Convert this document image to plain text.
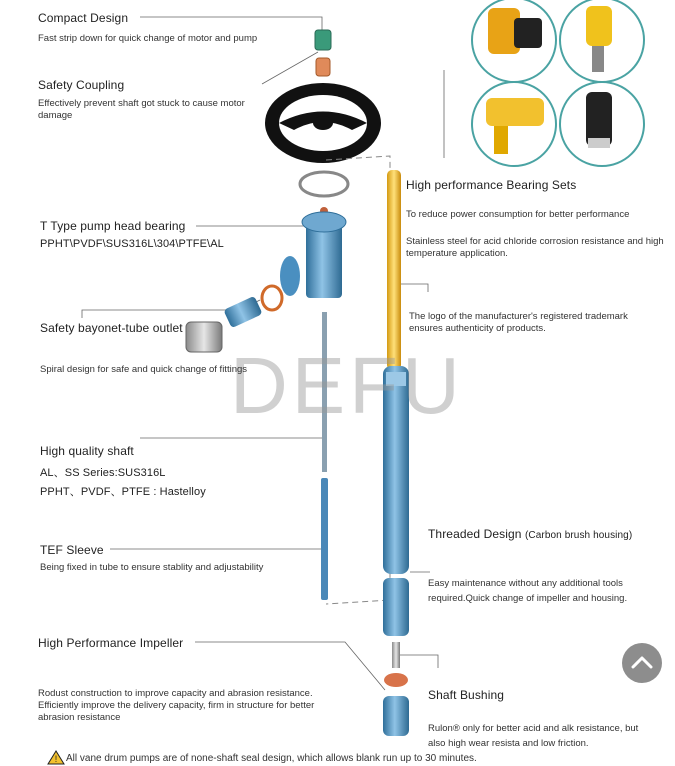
!
DEFU
Compact Design
Fast strip down for quick change of motor and pump
Safety Coupling
Effectively prevent shaft got stuck to cause motor damage
T Type pump head bearing
PPHT\PVDF\SUS316L\304\PTFE\AL
Safety bayonet-tube outlet
Spiral design for safe and quick change of fittings
High quality shaft
AL、SS Series:SUS316L
PPHT、PVDF、PTFE : Hastelloy
TEF Sleeve
Being fixed in tube to ensure stablity and adjustability
High Performance Impeller
Rodust construction to improve capacity and abrasion resistance. Efficiently improve the delivery capacity, firm in structure for better abrasion resistance
High performance Bearing Sets
To reduce power consumption for better performance
Stainless steel for acid chloride corrosion resistance and high temperature application.
The logo of the manufacturer's registered trademark ensures authenticity of products.
Threaded Design (Carbon brush housing)
Easy maintenance without any additional tools required.Quick change of impeller and housing.
Shaft Bushing
Rulon® only for better acid and alk resistance, but also high wear resista and low friction.
All vane drum pumps are of none-shaft seal design, which allows blank run up to 30 minutes.
